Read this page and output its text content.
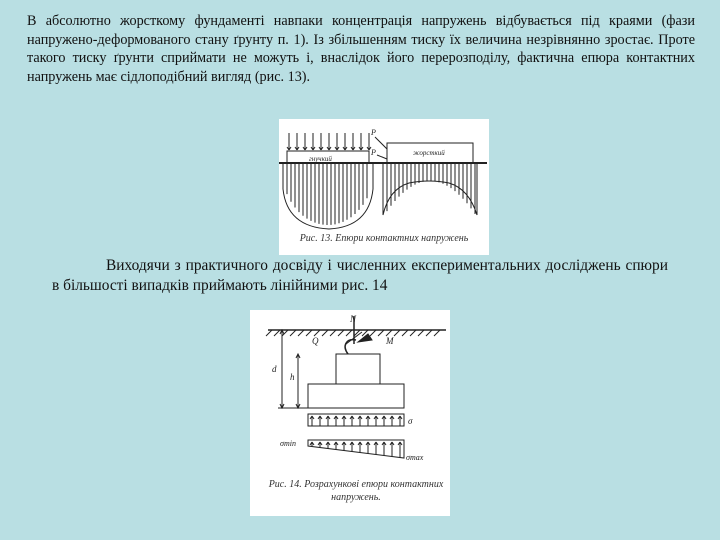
В абсолютно жорсткому фундаменті навпаки концентрація напружень відбувається під краями (фази напружено-деформованого стану ґрунту п. 1). Із збільшенням тиску їх величина незрівнянно зростає. Проте такого тиску ґрунти сприймати не можуть і, внаслідок його перерозподілу, фактична епюра контактних напружень має сідлоподібний вигляд (рис. 13).
гнучкий
P
P	жорсткий
Рис. 13. Епюри контактних напружень
Виходячи з практичного досвіду і численних експериментальних досліджень спюри в більшості випадків приймають лінійними рис. 14
N
Q	M
d
h
σ
σmin
σmax
Рис. 14. Розрахункові епюри контактних напружень.
